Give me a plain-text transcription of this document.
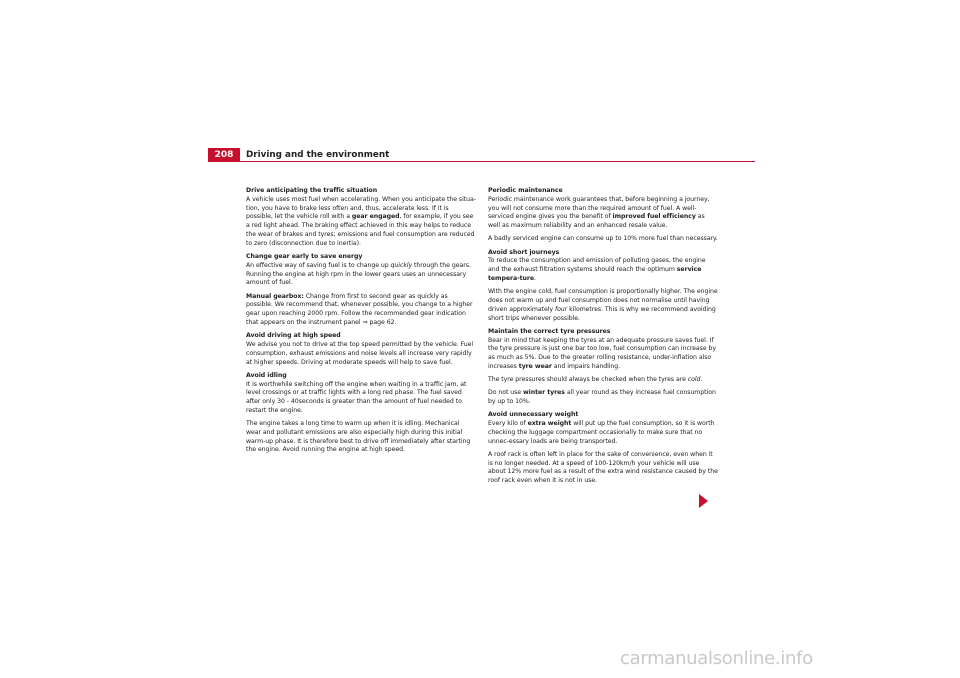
208	Driving and the environment
Drive anticipating the traffic situation

A vehicle uses most fuel when accelerating. When you anticipate the situa-tion, you have to brake less often and, thus, accelerate less. If it is possible, let the vehicle roll with a gear engaged, for example, if you see a red light ahead. The braking effect achieved in this way helps to reduce the wear of brakes and tyres; emissions and fuel consumption are reduced to zero (disconnection due to inertia).

Change gear early to save energy

An effective way of saving fuel is to change up quickly through the gears. Running the engine at high rpm in the lower gears uses an unnecessary amount of fuel.

Manual gearbox: Change from first to second gear as quickly as possible. We recommend that, whenever possible, you change to a higher gear upon reaching 2000 rpm. Follow the recommended gear indication that appears on the instrument panel ⇒ page 62.

Avoid driving at high speed

We advise you not to drive at the top speed permitted by the vehicle. Fuel consumption, exhaust emissions and noise levels all increase very rapidly at higher speeds. Driving at moderate speeds will help to save fuel.

Avoid idling

It is worthwhile switching off the engine when waiting in a traffic jam, at level crossings or at traffic lights with a long red phase. The fuel saved after only 30 - 40seconds is greater than the amount of fuel needed to restart the engine.

The engine takes a long time to warm up when it is idling. Mechanical wear and pollutant emissions are also especially high during this initial warm-up phase. It is therefore best to drive off immediately after starting the engine. Avoid running the engine at high speed.

Periodic maintenance

Periodic maintenance work guarantees that, before beginning a journey, you will not consume more than the required amount of fuel. A well-serviced engine gives you the benefit of improved fuel efficiency as well as maximum reliability and an enhanced resale value.

A badly serviced engine can consume up to 10% more fuel than necessary.

Avoid short journeys

To reduce the consumption and emission of polluting gases, the engine and the exhaust filtration systems should reach the optimum service tempera-ture.

With the engine cold, fuel consumption is proportionally higher. The engine does not warm up and fuel consumption does not normalise until having driven approximately four kilometres. This is why we recommend avoiding short trips whenever possible.

Maintain the correct tyre pressures

Bear in mind that keeping the tyres at an adequate pressure saves fuel. If the tyre pressure is just one bar too low, fuel consumption can increase by as much as 5%. Due to the greater rolling resistance, under-inflation also increases tyre wear and impairs handling.

The tyre pressures should always be checked when the tyres are cold.

Do not use winter tyres all year round as they increase fuel consumption by up to 10%.

Avoid unnecessary weight

Every kilo of extra weight will put up the fuel consumption, so it is worth checking the luggage compartment occasionally to make sure that no unnec-essary loads are being transported.

A roof rack is often left in place for the sake of convenience, even when it is no longer needed. At a speed of 100-120km/h your vehicle will use about 12% more fuel as a result of the extra wind resistance caused by the roof rack even when it is not in use.

carmanualsonline.info
